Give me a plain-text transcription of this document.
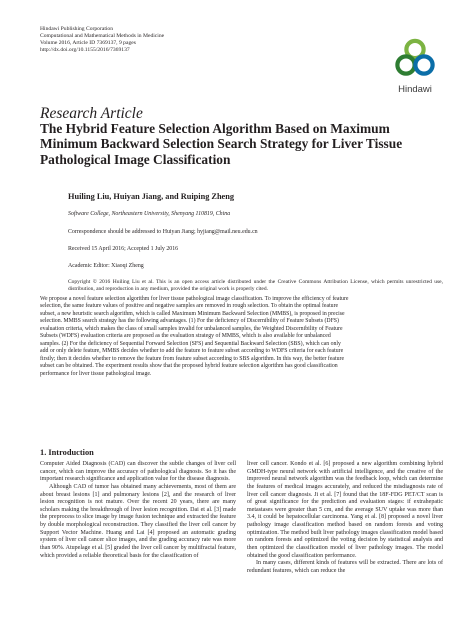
Hindawi Publishing Corporation
Computational and Mathematical Methods in Medicine
Volume 2016, Article ID 7369137, 9 pages
http://dx.doi.org/10.1155/2016/7369137
Hindawi
Research Article
The Hybrid Feature Selection Algorithm Based on Maximum Minimum Backward Selection Search Strategy for Liver Tissue Pathological Image Classification
Huiling Liu, Huiyan Jiang, and Ruiping Zheng
Software College, Northeastern University, Shenyang 110819, China
Correspondence should be addressed to Huiyan Jiang; hyjiang@mail.neu.edu.cn
Received 15 April 2016; Accepted 1 July 2016
Academic Editor: Xiaoqi Zheng
Copyright © 2016 Huiling Liu et al. This is an open access article distributed under the Creative Commons Attribution License, which permits unrestricted use, distribution, and reproduction in any medium, provided the original work is properly cited.
We propose a novel feature selection algorithm for liver tissue pathological image classification. To improve the efficiency of feature
selection, the same feature values of positive and negative samples are removed in rough selection. To obtain the optimal feature
subset, a new heuristic search algorithm, which is called Maximum Minimum Backward Selection (MMBS), is proposed in precise
selection. MMBS search strategy has the following advantages. (1) For the deficiency of Discernibility of Feature Subsets (DFS)
evaluation criteria, which makes the class of small samples invalid for unbalanced samples, the Weighted Discernibility of Feature
Subsets (WDFS) evaluation criteria are proposed as the evaluation strategy of MMBS, which is also available for unbalanced
samples. (2) For the deficiency of Sequential Forward Selection (SFS) and Sequential Backward Selection (SBS), which can only
add or only delete feature, MMBS decides whether to add the feature to feature subset according to WDFS criteria for each feature
firstly; then it decides whether to remove the feature from feature subset according to SBS algorithm. In this way, the better feature
subset can be obtained. The experiment results show that the proposed hybrid feature selection algorithm has good classification
performance for liver tissue pathological image.
1. Introduction

Computer Aided Diagnosis (CAD) can discover the subtle changes of liver cell cancer, which can improve the accuracy of pathological diagnosis. So it has the important research significance and application value for the disease diagnosis.

Although CAD of tumor has obtained many achievements, most of them are about breast lesions [1] and pulmonary lesions [2], and the research of liver lesion recognition is not mature. Over the recent 20 years, there are many scholars making the breakthrough of liver lesion recognition. Dai et al. [3] made the preprocess to slice image by image fusion technique and extracted the feature by double morphological reconstruction. They classified the liver cell cancer by Support Vector Machine. Huang and Lai [4] proposed an automatic grading system of liver cell cancer slice images, and the grading accuracy rate was more than 90%. Atupelage et al. [5] graded the liver cell cancer by multifractal feature, which provided a reliable theoretical basis for the classification of

liver cell cancer. Kondo et al. [6] proposed a new algorithm combining hybrid GMDH-type neural network with artificial intelligence, and the creative of the improved neural network algorithm was the feedback loop, which can determine the features of medical images accurately, and reduced the misdiagnosis rate of liver cell cancer diagnosis. Ji et al. [7] found that the 18F-FDG PET/CT scan is of great significance for the prediction and evaluation stages: if extrahepatic metastases were greater than 5 cm, and the average SUV uptake was more than 3.4, it could be hepatocellular carcinoma. Yang et al. [8] proposed a novel liver pathology image classification method based on random forests and voting optimization. The method built liver pathology images classification model based on random forests and optimized the voting decision by statistical analysis and then optimized the classification model of liver pathology images. The model obtained the good classification performance.

In many cases, different kinds of features will be extracted. There are lots of redundant features, which can reduce the
